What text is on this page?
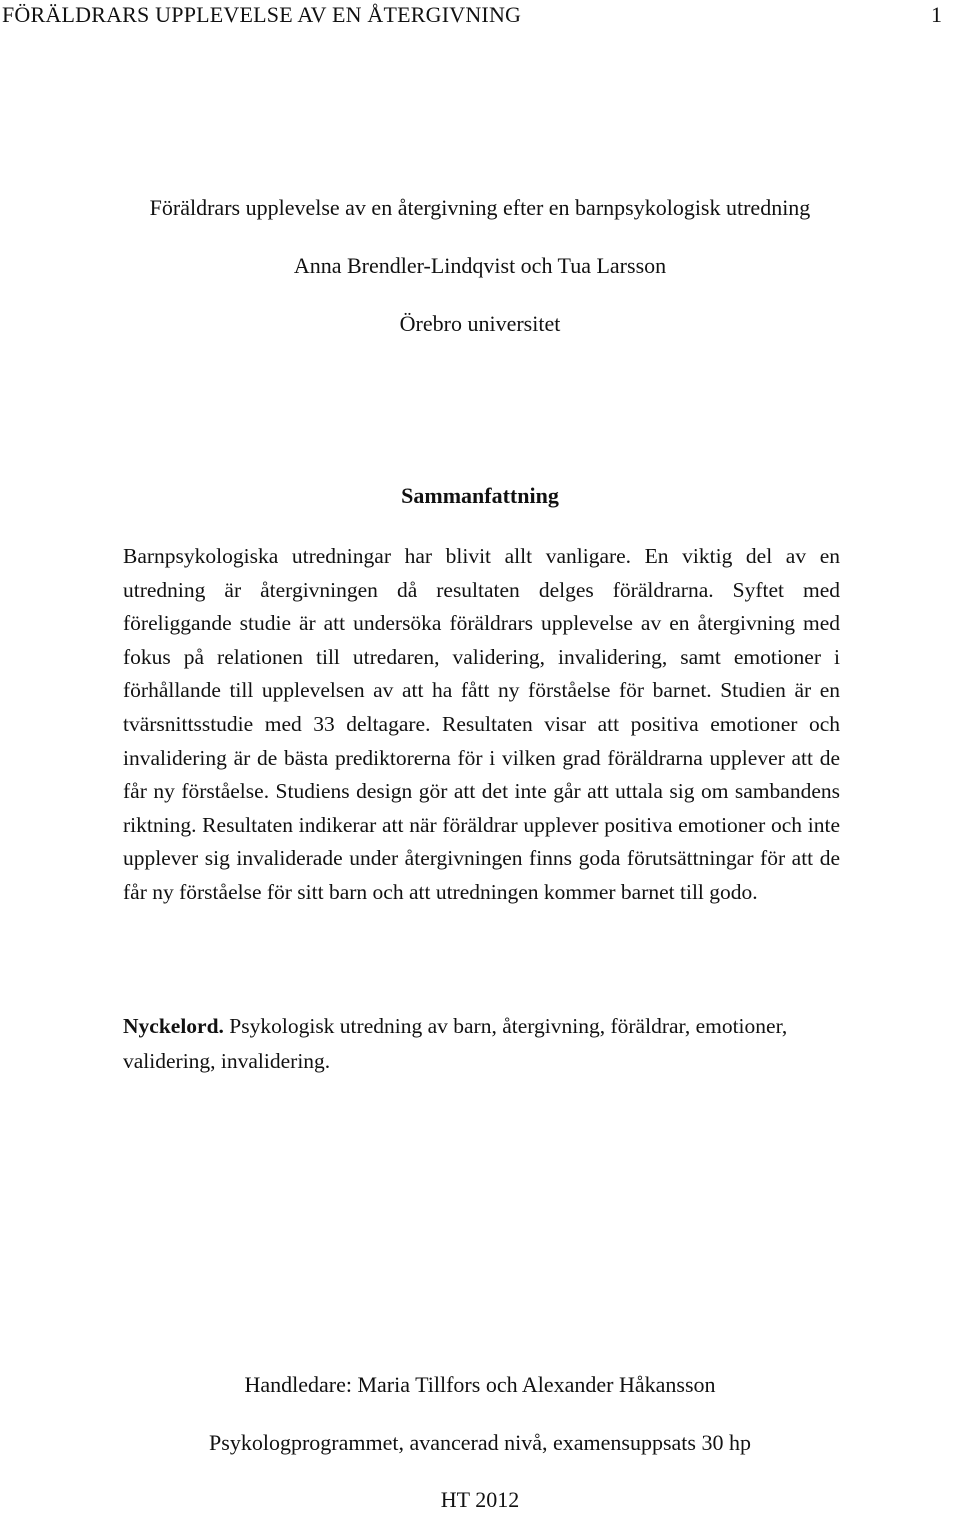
FÖRÄLDRARS UPPLEVELSE AV EN ÅTERGIVNING	1
Föräldrars upplevelse av en återgivning efter en barnpsykologisk utredning
Anna Brendler-Lindqvist och Tua Larsson
Örebro universitet
Sammanfattning

Barnpsykologiska utredningar har blivit allt vanligare. En viktig del av en utredning är återgivningen då resultaten delges föräldrarna. Syftet med föreliggande studie är att undersöka föräldrars upplevelse av en återgivning med fokus på relationen till utredaren, validering, invalidering, samt emotioner i förhållande till upplevelsen av att ha fått ny förståelse för barnet. Studien är en tvärsnittsstudie med 33 deltagare. Resultaten visar att positiva emotioner och invalidering är de bästa prediktorerna för i vilken grad föräldrarna upplever att de får ny förståelse. Studiens design gör att det inte går att uttala sig om sambandens riktning. Resultaten indikerar att när föräldrar upplever positiva emotioner och inte upplever sig invaliderade under återgivningen finns goda förutsättningar för att de får ny förståelse för sitt barn och att utredningen kommer barnet till godo.

Nyckelord. Psykologisk utredning av barn, återgivning, föräldrar, emotioner, validering, invalidering.

Handledare: Maria Tillfors och Alexander Håkansson
Psykologprogrammet, avancerad nivå, examensuppsats 30 hp
HT 2012
